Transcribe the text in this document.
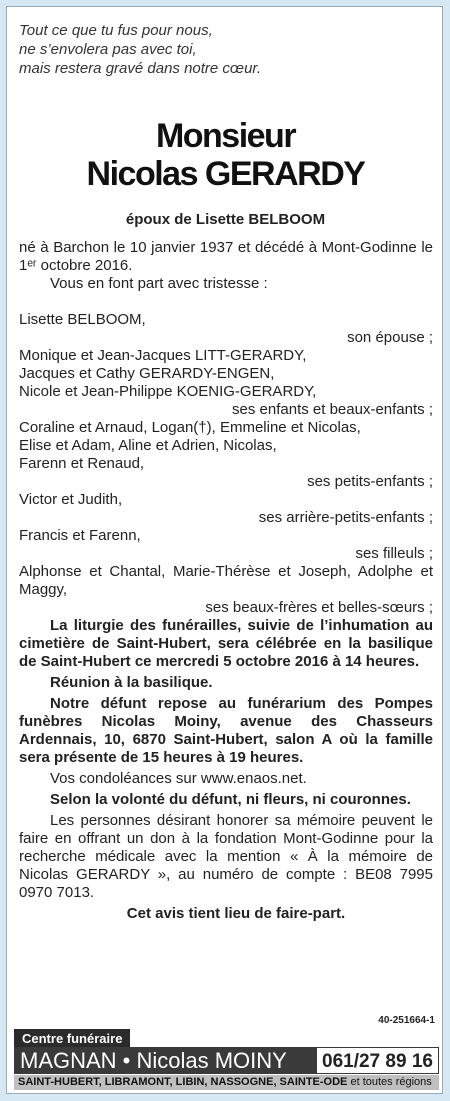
Tout ce que tu fus pour nous,
ne s’envolera pas avec toi,
mais restera gravé dans notre cœur.
Monsieur
Nicolas GERARDY
époux de Lisette BELBOOM

né à Barchon le 10 janvier 1937 et décédé à Mont-Godinne le 1ᵉʳ octobre 2016.

Vous en font part avec tristesse :

Lisette BELBOOM,

son épouse ;

Monique et Jean-Jacques LITT-GERARDY,

Jacques et Cathy GERARDY-ENGEN,

Nicole et Jean-Philippe KOENIG-GERARDY,

ses enfants et beaux-enfants ;

Coraline et Arnaud, Logan(†), Emmeline et Nicolas,

Elise et Adam, Aline et Adrien, Nicolas,

Farenn et Renaud,

ses petits-enfants ;

Victor et Judith,

ses arrière-petits-enfants ;

Francis et Farenn,

ses filleuls ;

Alphonse et Chantal, Marie-Thérèse et Joseph, Adolphe et Maggy,

ses beaux-frères et belles-sœurs ;

La liturgie des funérailles, suivie de l’inhumation au cimetière de Saint-Hubert, sera célébrée en la basilique de Saint-Hubert ce mercredi 5 octobre 2016 à 14 heures.

Réunion à la basilique.

Notre défunt repose au funérarium des Pompes funèbres Nicolas Moiny, avenue des Chasseurs Ardennais, 10, 6870 Saint-Hubert, salon A où la famille sera présente de 15 heures à 19 heures.

Vos condoléances sur www.enaos.net.

Selon la volonté du défunt, ni fleurs, ni couronnes.

Les personnes désirant honorer sa mémoire peuvent le faire en offrant un don à la fondation Mont-Godinne pour la recherche médicale avec la mention « À la mémoire de Nicolas GERARDY », au numéro de compte : BE08 7995 0970 7013.

Cet avis tient lieu de faire-part.

40-251664-1
Centre funéraire
MAGNAN • Nicolas MOINY	061/27 89 16
SAINT-HUBERT, LIBRAMONT, LIBIN, NASSOGNE, SAINTE-ODE et toutes régions
